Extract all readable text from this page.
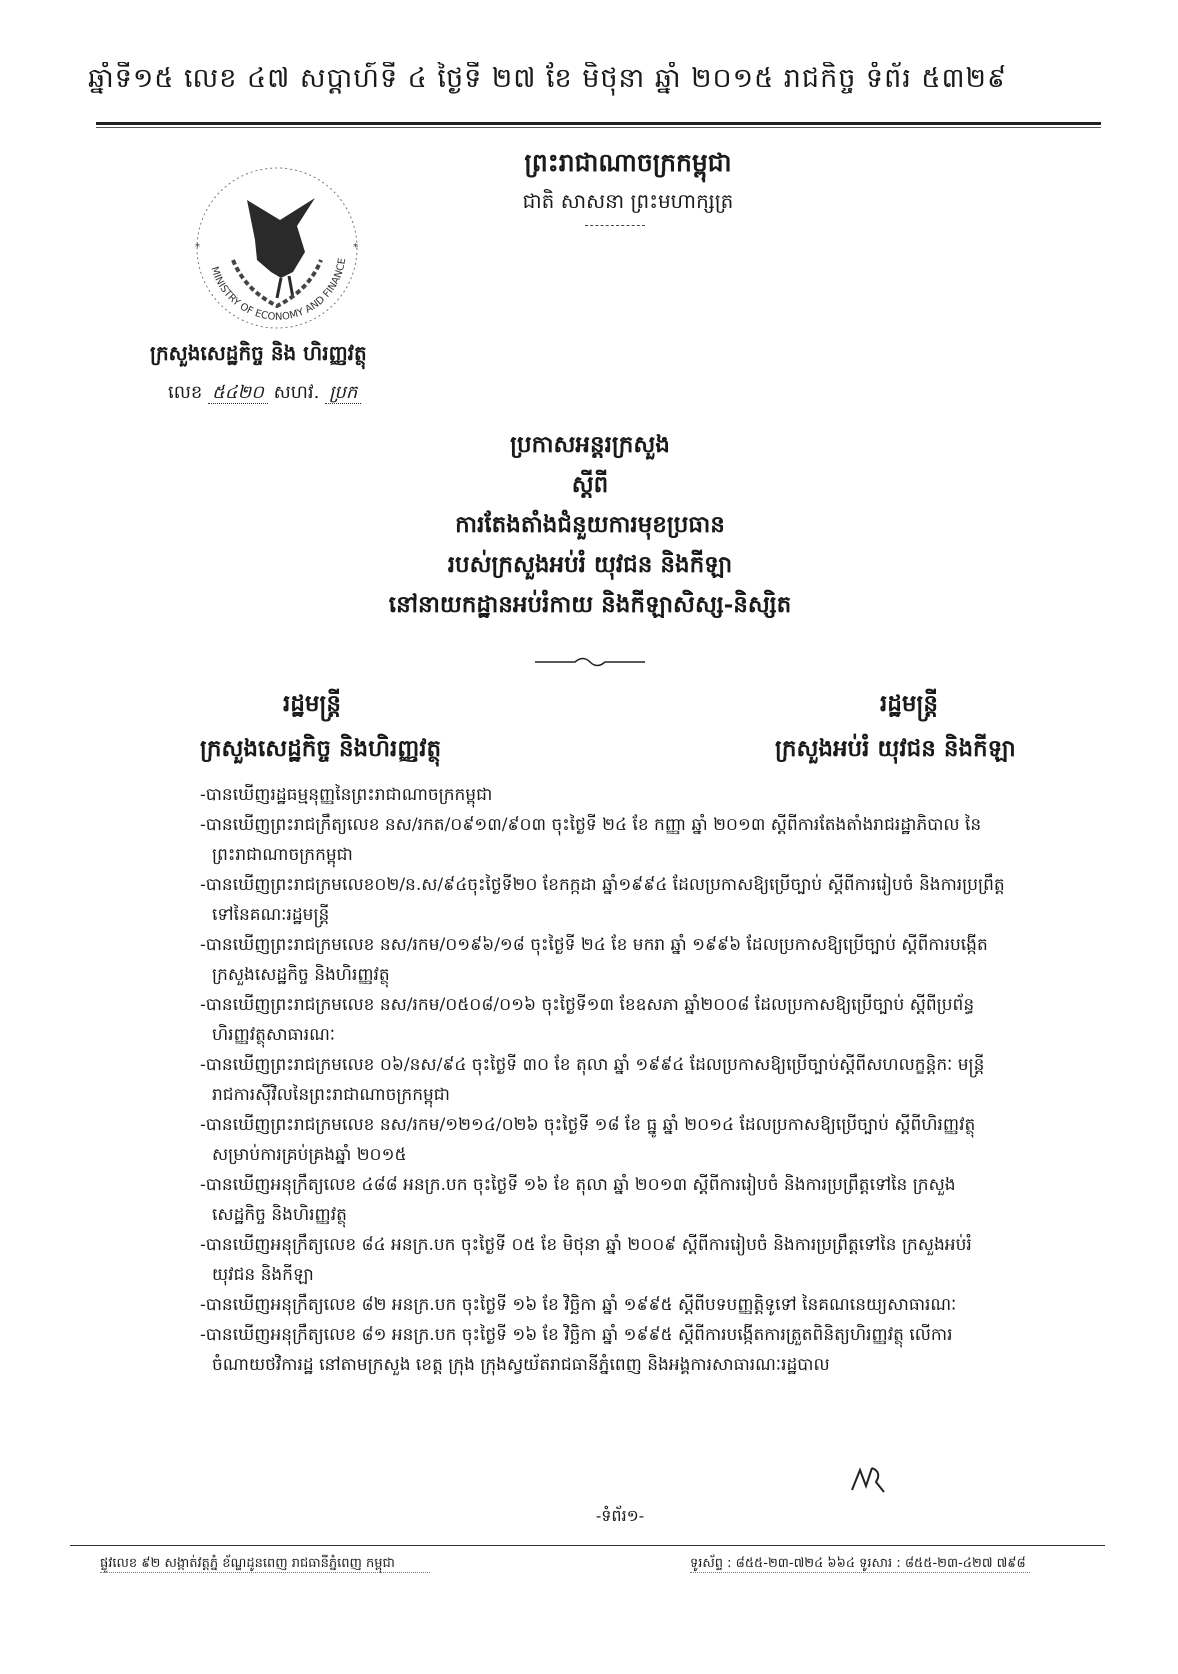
ឆ្នាំទី១៥ លេខ ៤៧ សប្តាហ៍ទី ៤ ថ្ងៃទី ២៧ ខែ មិថុនា ឆ្នាំ ២០១៥ រាជកិច្ច ទំព័រ ៥៣២៩
ព្រះរាជាណាចក្រកម្ពុជា
ជាតិ សាសនា ព្រះមហាក្សត្រ
MINISTRY OF ECONOMY AND FINANCE
*	*
ក្រសួងសេដ្ឋកិច្ច និង ហិរញ្ញវត្ថុ
លេខ ៥៤២០ សហវ. ប្រក
ប្រកាសអន្តរក្រសួង
ស្តីពី
ការតែងតាំងជំនួយការមុខប្រធាន
របស់ក្រសួងអប់រំ យុវជន និងកីឡា
នៅនាយកដ្ឋានអប់រំកាយ និងកីឡាសិស្ស-និស្សិត
រដ្ឋមន្ត្រី
ក្រសួងសេដ្ឋកិច្ច និងហិរញ្ញវត្ថុ
រដ្ឋមន្ត្រី
ក្រសួងអប់រំ យុវជន និងកីឡា

-បានឃើញរដ្ឋធម្មនុញ្ញនៃព្រះរាជាណាចក្រកម្ពុជា

-បានឃើញព្រះរាជក្រឹត្យលេខ នស/រកត/០៩១៣/៩០៣ ចុះថ្ងៃទី ២៤ ខែ កញ្ញា ឆ្នាំ ២០១៣ ស្តីពីការតែងតាំងរាជរដ្ឋាភិបាល នៃ
ព្រះរាជាណាចក្រកម្ពុជា

-បានឃើញព្រះរាជក្រមលេខ០២/ន.ស/៩៤ចុះថ្ងៃទី២០ ខែកក្កដា ឆ្នាំ១៩៩៤ ដែលប្រកាសឱ្យប្រើច្បាប់ ស្តីពីការរៀបចំ និងការប្រព្រឹត្ត
ទៅនៃគណៈរដ្ឋមន្ត្រី

-បានឃើញព្រះរាជក្រមលេខ នស/រកម/០១៩៦/១៨ ចុះថ្ងៃទី ២៤ ខែ មករា ឆ្នាំ ១៩៩៦ ដែលប្រកាសឱ្យប្រើច្បាប់ ស្តីពីការបង្កើត
ក្រសួងសេដ្ឋកិច្ច និងហិរញ្ញវត្ថុ

-បានឃើញព្រះរាជក្រមលេខ នស/រកម/០៥០៨/០១៦ ចុះថ្ងៃទី១៣ ខែឧសភា ឆ្នាំ២០០៨ ដែលប្រកាសឱ្យប្រើច្បាប់ ស្តីពីប្រព័ន្ធ
ហិរញ្ញវត្ថុសាធារណៈ

-បានឃើញព្រះរាជក្រមលេខ ០៦/នស/៩៤ ចុះថ្ងៃទី ៣០ ខែ តុលា ឆ្នាំ ១៩៩៤ ដែលប្រកាសឱ្យប្រើច្បាប់ស្តីពីសហលក្ខន្តិកៈ មន្ត្រី
រាជការស៊ីវិលនៃព្រះរាជាណាចក្រកម្ពុជា

-បានឃើញព្រះរាជក្រមលេខ នស/រកម/១២១៤/០២៦ ចុះថ្ងៃទី ១៨ ខែ ធ្នូ ឆ្នាំ ២០១៤ ដែលប្រកាសឱ្យប្រើច្បាប់ ស្តីពីហិរញ្ញវត្ថុ
សម្រាប់ការគ្រប់គ្រងឆ្នាំ ២០១៥

-បានឃើញអនុក្រឹត្យលេខ ៤៨៨ អនក្រ.បក ចុះថ្ងៃទី ១៦ ខែ តុលា ឆ្នាំ ២០១៣ ស្តីពីការរៀបចំ និងការប្រព្រឹត្តទៅនៃ ក្រសួង
សេដ្ឋកិច្ច និងហិរញ្ញវត្ថុ

-បានឃើញអនុក្រឹត្យលេខ ៨៤ អនក្រ.បក ចុះថ្ងៃទី ០៥ ខែ មិថុនា ឆ្នាំ ២០០៩ ស្តីពីការរៀបចំ និងការប្រព្រឹត្តទៅនៃ ក្រសួងអប់រំ
យុវជន និងកីឡា

-បានឃើញអនុក្រឹត្យលេខ ៨២ អនក្រ.បក ចុះថ្ងៃទី ១៦ ខែ វិច្ឆិកា ឆ្នាំ ១៩៩៥ ស្តីពីបទបញ្ញត្តិទូទៅ នៃគណនេយ្យសាធារណៈ

-បានឃើញអនុក្រឹត្យលេខ ៨១ អនក្រ.បក ចុះថ្ងៃទី ១៦ ខែ វិច្ឆិកា ឆ្នាំ ១៩៩៥ ស្តីពីការបង្កើតការត្រួតពិនិត្យហិរញ្ញវត្ថុ លើការ
ចំណាយថវិការដ្ឋ នៅតាមក្រសួង ខេត្ត ក្រុង ក្រុងស្វយ័តរាជធានីភ្នំពេញ និងអង្គការសាធារណៈរដ្ឋបាល

-ទំព័រ១-
ផ្លូវលេខ ៩២ សង្កាត់វត្តភ្នំ ខ័ណ្ឌដូនពេញ រាជធានីភ្នំពេញ កម្ពុជា	ទូរស័ព្ទ : ៨៥៥-២៣-៧២៤ ៦៦៤ ទូរសារ : ៨៥៥-២៣-៤២៧ ៧៩៨
